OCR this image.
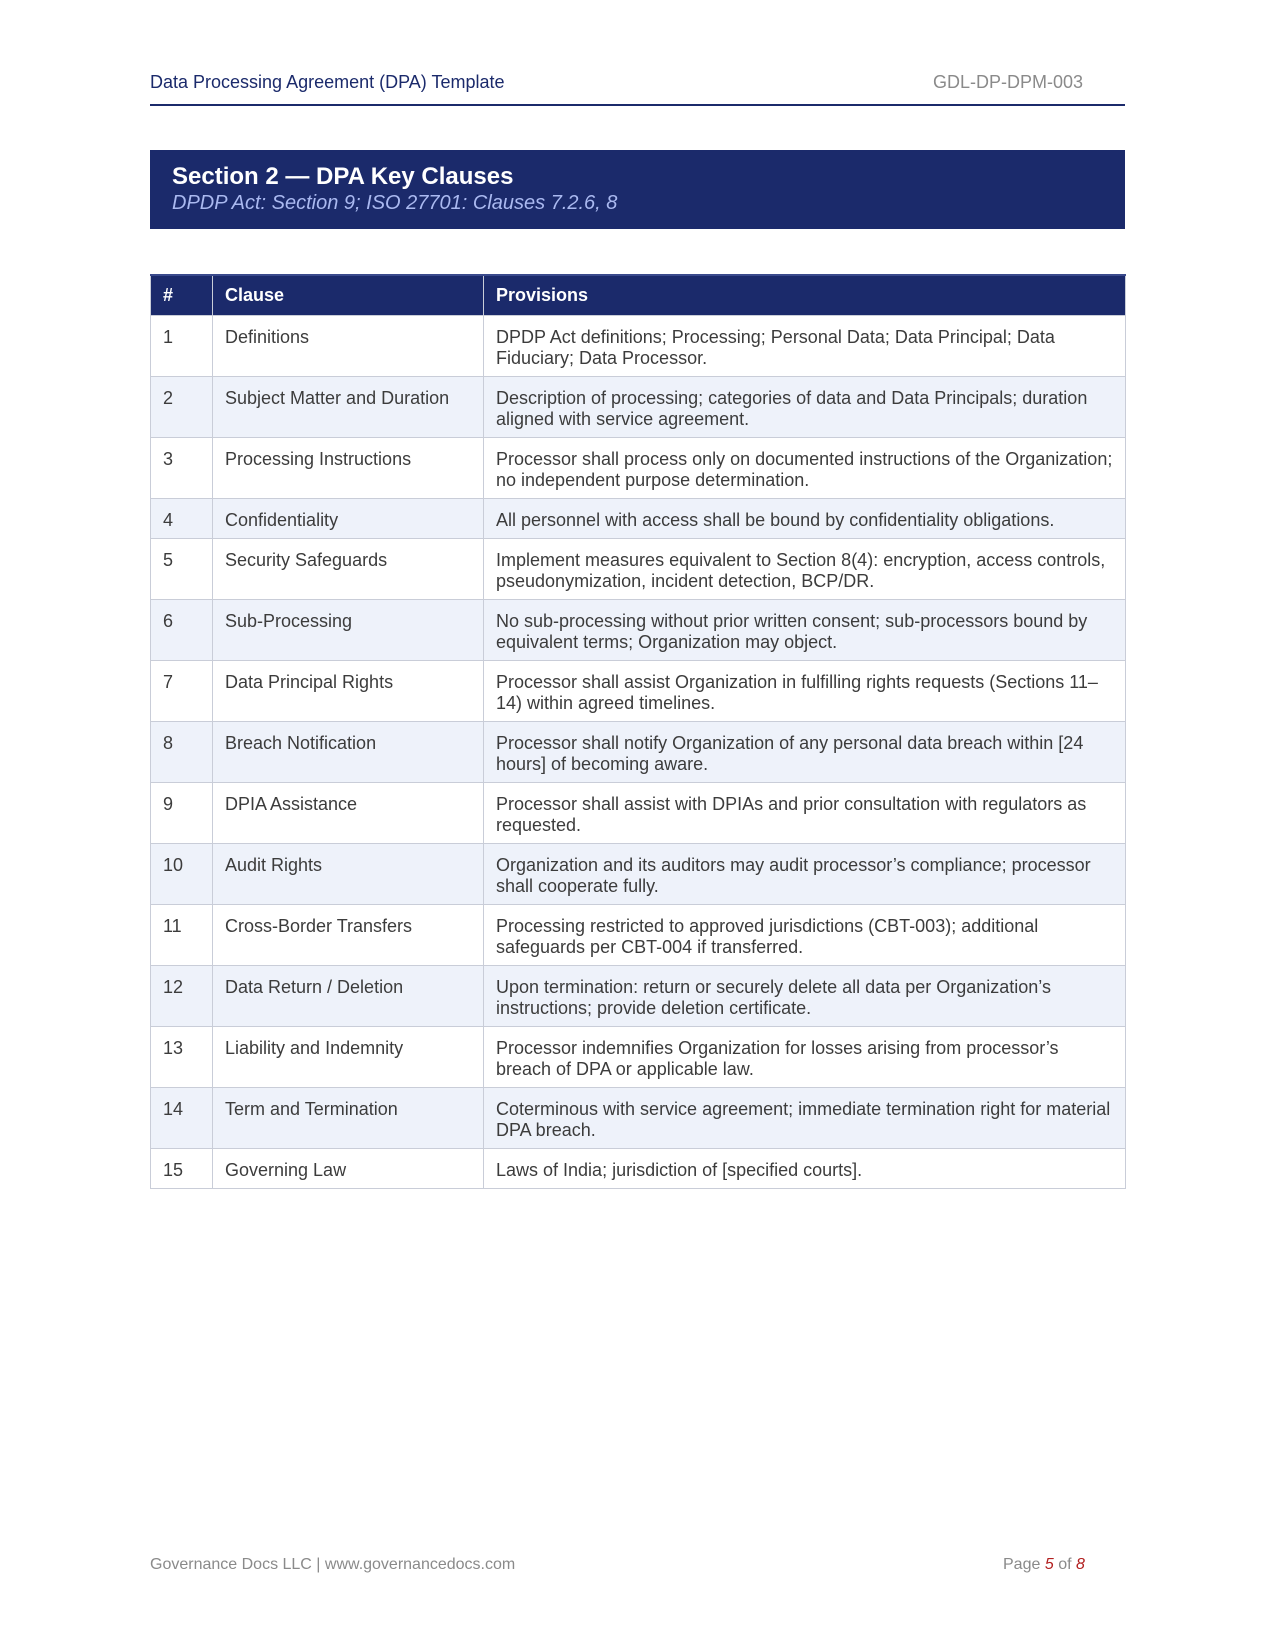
Data Processing Agreement (DPA) Template	GDL-DP-DPM-003
Section 2 — DPA Key Clauses
DPDP Act: Section 9; ISO 27701: Clauses 7.2.6, 8
#	Clause	Provisions
1	Definitions	DPDP Act definitions; Processing; Personal Data; Data Principal; Data Fiduciary; Data Processor.
2	Subject Matter and Duration	Description of processing; categories of data and Data Principals; duration aligned with service agreement.
3	Processing Instructions	Processor shall process only on documented instructions of the Organization; no independent purpose determination.
4	Confidentiality	All personnel with access shall be bound by confidentiality obligations.
5	Security Safeguards	Implement measures equivalent to Section 8(4): encryption, access controls, pseudonymization, incident detection, BCP/DR.
6	Sub-Processing	No sub-processing without prior written consent; sub-processors bound by equivalent terms; Organization may object.
7	Data Principal Rights	Processor shall assist Organization in fulfilling rights requests (Sections 11–14) within agreed timelines.
8	Breach Notification	Processor shall notify Organization of any personal data breach within [24 hours] of becoming aware.
9	DPIA Assistance	Processor shall assist with DPIAs and prior consultation with regulators as requested.
10	Audit Rights	Organization and its auditors may audit processor’s compliance; processor shall cooperate fully.
11	Cross-Border Transfers	Processing restricted to approved jurisdictions (CBT-003); additional safeguards per CBT-004 if transferred.
12	Data Return / Deletion	Upon termination: return or securely delete all data per Organization’s instructions; provide deletion certificate.
13	Liability and Indemnity	Processor indemnifies Organization for losses arising from processor’s breach of DPA or applicable law.
14	Term and Termination	Coterminous with service agreement; immediate termination right for material DPA breach.
15	Governing Law	Laws of India; jurisdiction of [specified courts].
Governance Docs LLC | www.governancedocs.com	Page 5 of 8
